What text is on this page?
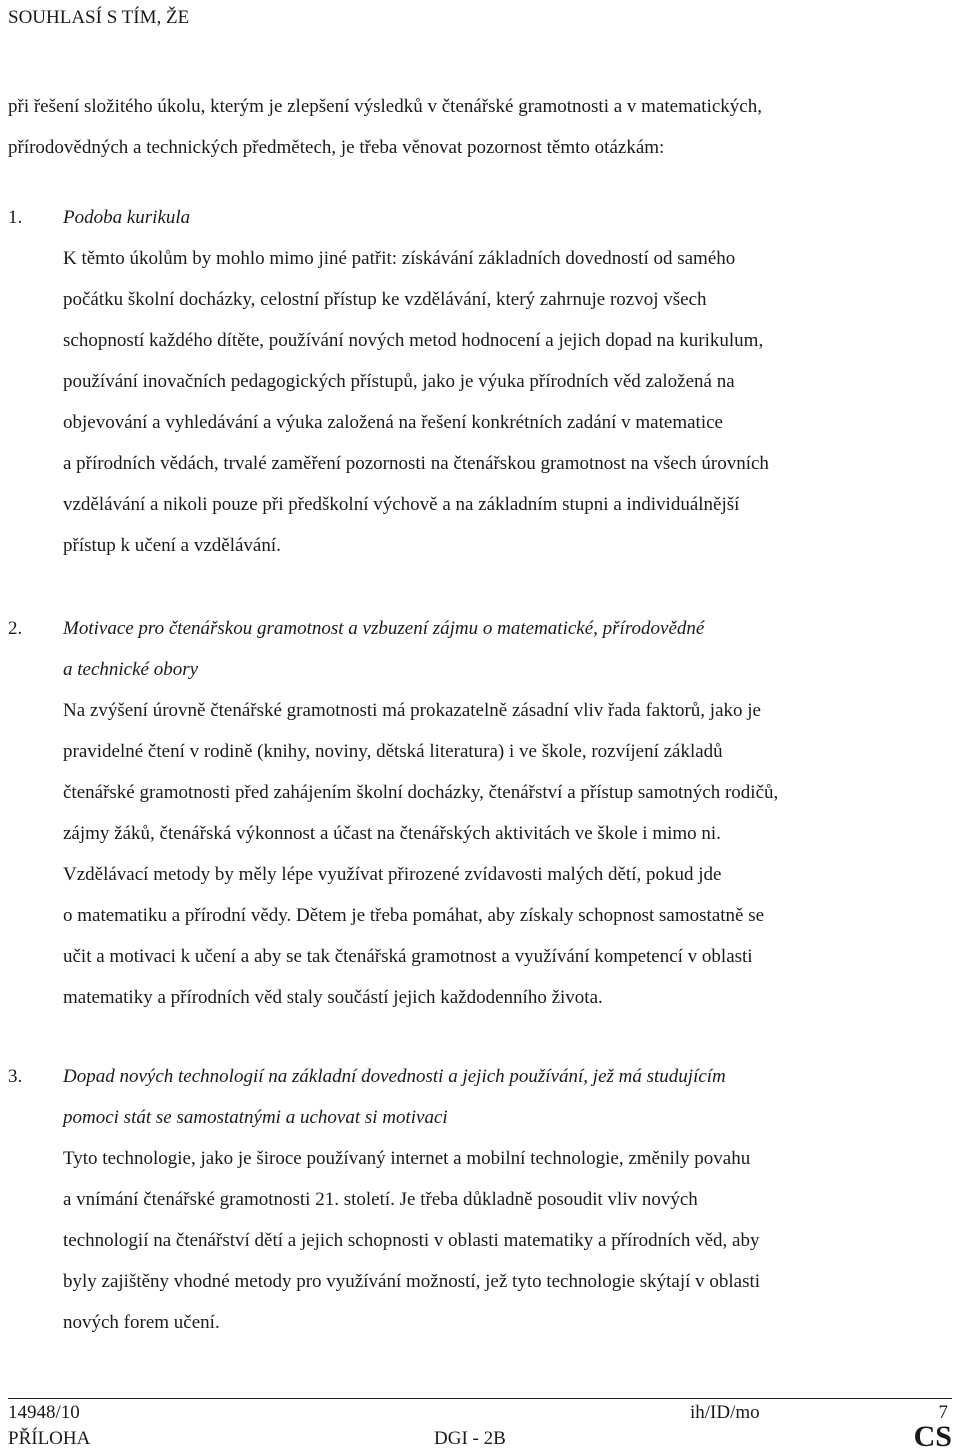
SOUHLASÍ S TÍM, ŽE
při řešení složitého úkolu, kterým je zlepšení výsledků v čtenářské gramotnosti a v matematických,
přírodovědných a technických předmětech, je třeba věnovat pozornost těmto otázkám:
1. Podoba kurikula
K těmto úkolům by mohlo mimo jiné patřit: získávání základních dovedností od samého
počátku školní docházky, celostní přístup ke vzdělávání, který zahrnuje rozvoj všech
schopností každého dítěte, používání nových metod hodnocení a jejich dopad na kurikulum,
používání inovačních pedagogických přístupů, jako je výuka přírodních věd založená na
objevování a vyhledávání a výuka založená na řešení konkrétních zadání v matematice
a přírodních vědách, trvalé zaměření pozornosti na čtenářskou gramotnost na všech úrovních
vzdělávání a nikoli pouze při předškolní výchově a na základním stupni a individuálnější
přístup k učení a vzdělávání.
2. Motivace pro čtenářskou gramotnost a vzbuzení zájmu o matematické, přírodovědné
a technické obory
Na zvýšení úrovně čtenářské gramotnosti má prokazatelně zásadní vliv řada faktorů, jako je
pravidelné čtení v rodině (knihy, noviny, dětská literatura) i ve škole, rozvíjení základů
čtenářské gramotnosti před zahájením školní docházky, čtenářství a přístup samotných rodičů,
zájmy žáků, čtenářská výkonnost a účast na čtenářských aktivitách ve škole i mimo ni.
Vzdělávací metody by měly lépe využívat přirozené zvídavosti malých dětí, pokud jde
o matematiku a přírodní vědy. Dětem je třeba pomáhat, aby získaly schopnost samostatně se
učit a motivaci k učení a aby se tak čtenářská gramotnost a využívání kompetencí v oblasti
matematiky a přírodních věd staly součástí jejich každodenního života.
3. Dopad nových technologií na základní dovednosti a jejich používání, jež má studujícím
pomoci stát se samostatnými a uchovat si motivaci
Tyto technologie, jako je široce používaný internet a mobilní technologie, změnily povahu
a vnímání čtenářské gramotnosti 21. století. Je třeba důkladně posoudit vliv nových
technologií na čtenářství dětí a jejich schopnosti v oblasti matematiky a přírodních věd, aby
byly zajištěny vhodné metody pro využívání možností, jež tyto technologie skýtají v oblasti
nových forem učení.
14948/10	ih/ID/mo	7
PŘÍLOHA	DGI - 2B	CS
